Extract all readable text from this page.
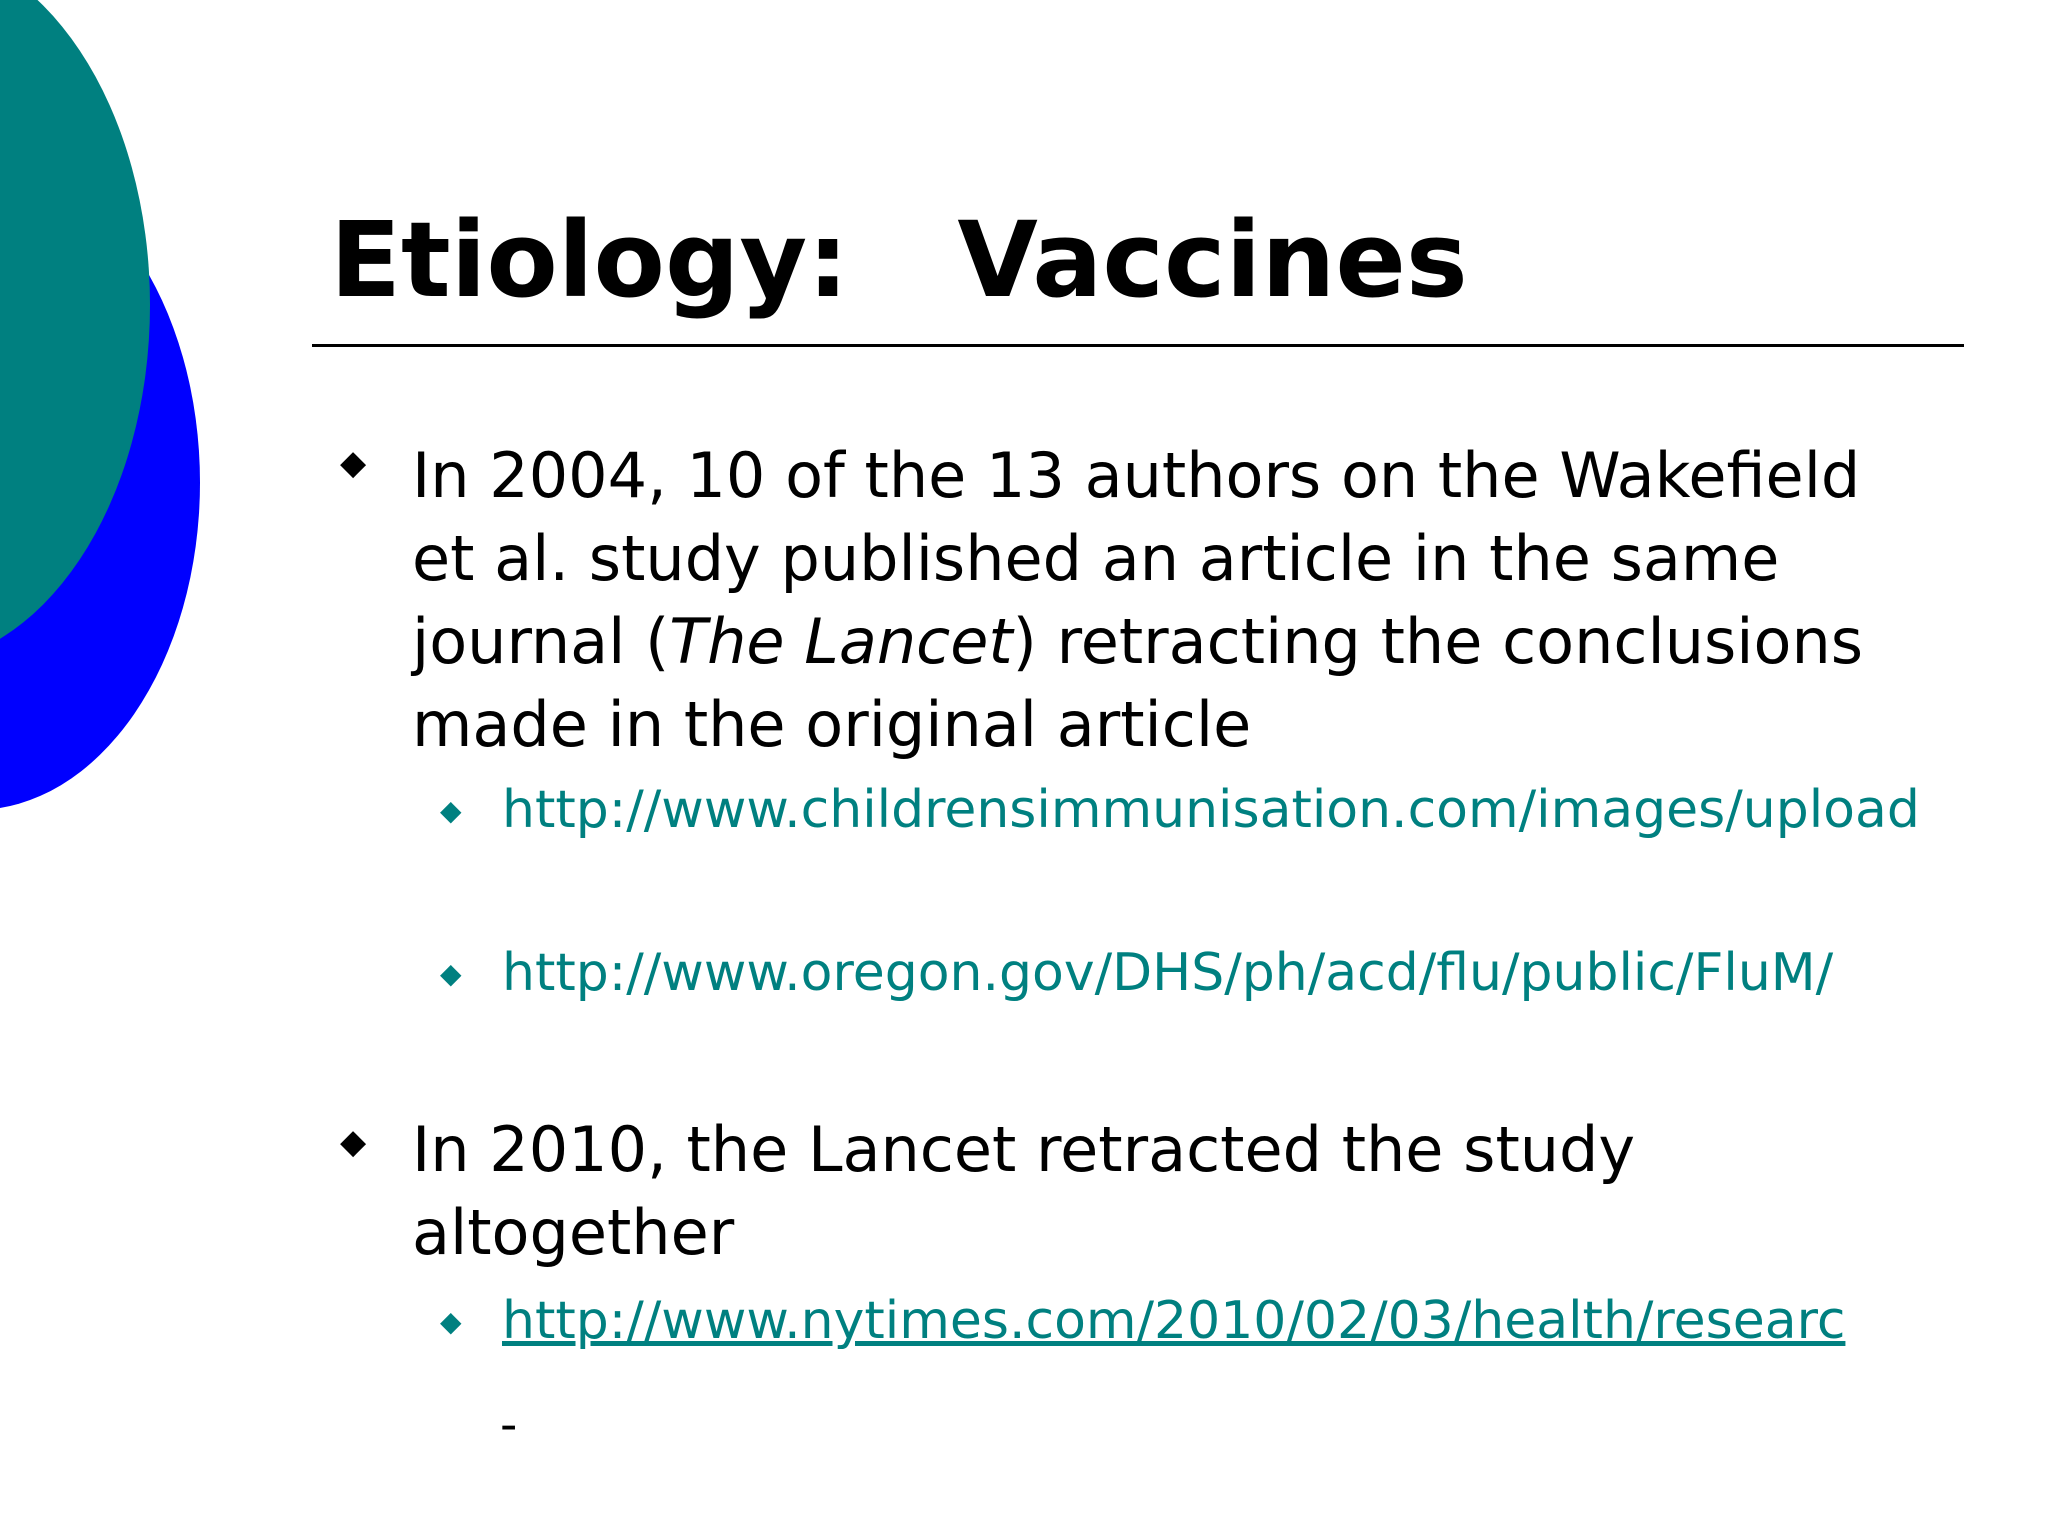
Etiology:   Vaccines
◆ In 2004, 10 of the 13 authors on the Wakefield et al. study published an article in the same journal (The Lancet) retracting the conclusions made in the original article
◆ http://www.childrensimmunisation.com/images/upload
◆ http://www.oregon.gov/DHS/ph/acd/flu/public/FluM/
◆ In 2010, the Lancet retracted the study altogether
◆ http://www.nytimes.com/2010/02/03/health/researc
-
